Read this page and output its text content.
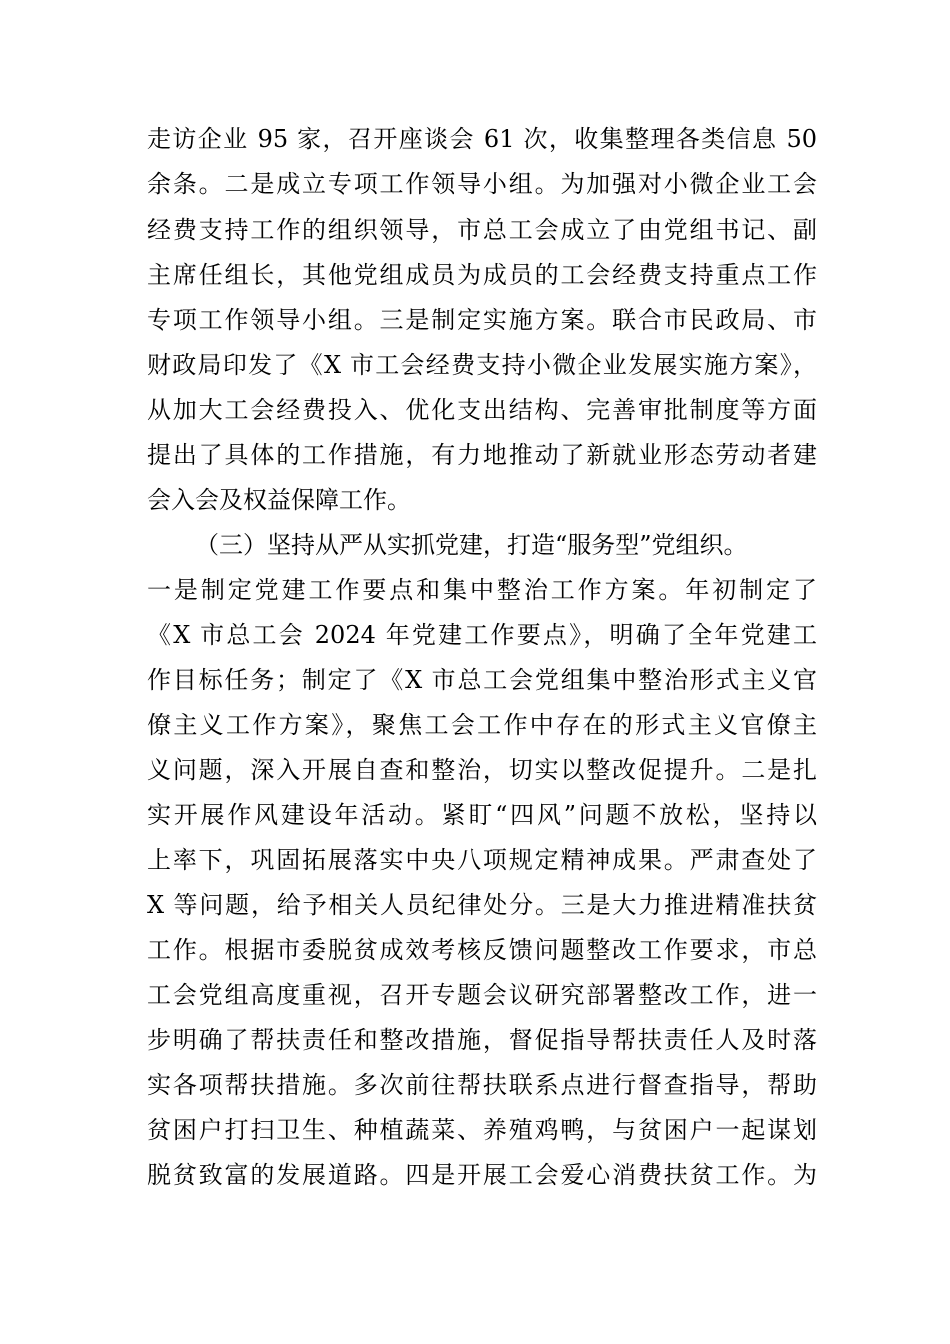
走访企业 95 家，召开座谈会 61 次，收集整理各类信息 50
余条。二是成立专项工作领导小组。为加强对小微企业工会
经费支持工作的组织领导，市总工会成立了由党组书记、副
主席任组长，其他党组成员为成员的工会经费支持重点工作
专项工作领导小组。三是制定实施方案。联合市民政局、市
财政局印发了《X 市工会经费支持小微企业发展实施方案》，
从加大工会经费投入、优化支出结构、完善审批制度等方面
提出了具体的工作措施，有力地推动了新就业形态劳动者建
会入会及权益保障工作。
（三）坚持从严从实抓党建，打造“服务型”党组织。
一是制定党建工作要点和集中整治工作方案。年初制定了
《X 市总工会 2024 年党建工作要点》，明确了全年党建工
作目标任务；制定了《X 市总工会党组集中整治形式主义官
僚主义工作方案》，聚焦工会工作中存在的形式主义官僚主
义问题，深入开展自查和整治，切实以整改促提升。二是扎
实开展作风建设年活动。紧盯“四风”问题不放松，坚持以
上率下，巩固拓展落实中央八项规定精神成果。严肃查处了
X 等问题，给予相关人员纪律处分。三是大力推进精准扶贫
工作。根据市委脱贫成效考核反馈问题整改工作要求，市总
工会党组高度重视，召开专题会议研究部署整改工作，进一
步明确了帮扶责任和整改措施，督促指导帮扶责任人及时落
实各项帮扶措施。多次前往帮扶联系点进行督查指导，帮助
贫困户打扫卫生、种植蔬菜、养殖鸡鸭，与贫困户一起谋划
脱贫致富的发展道路。四是开展工会爱心消费扶贫工作。为
